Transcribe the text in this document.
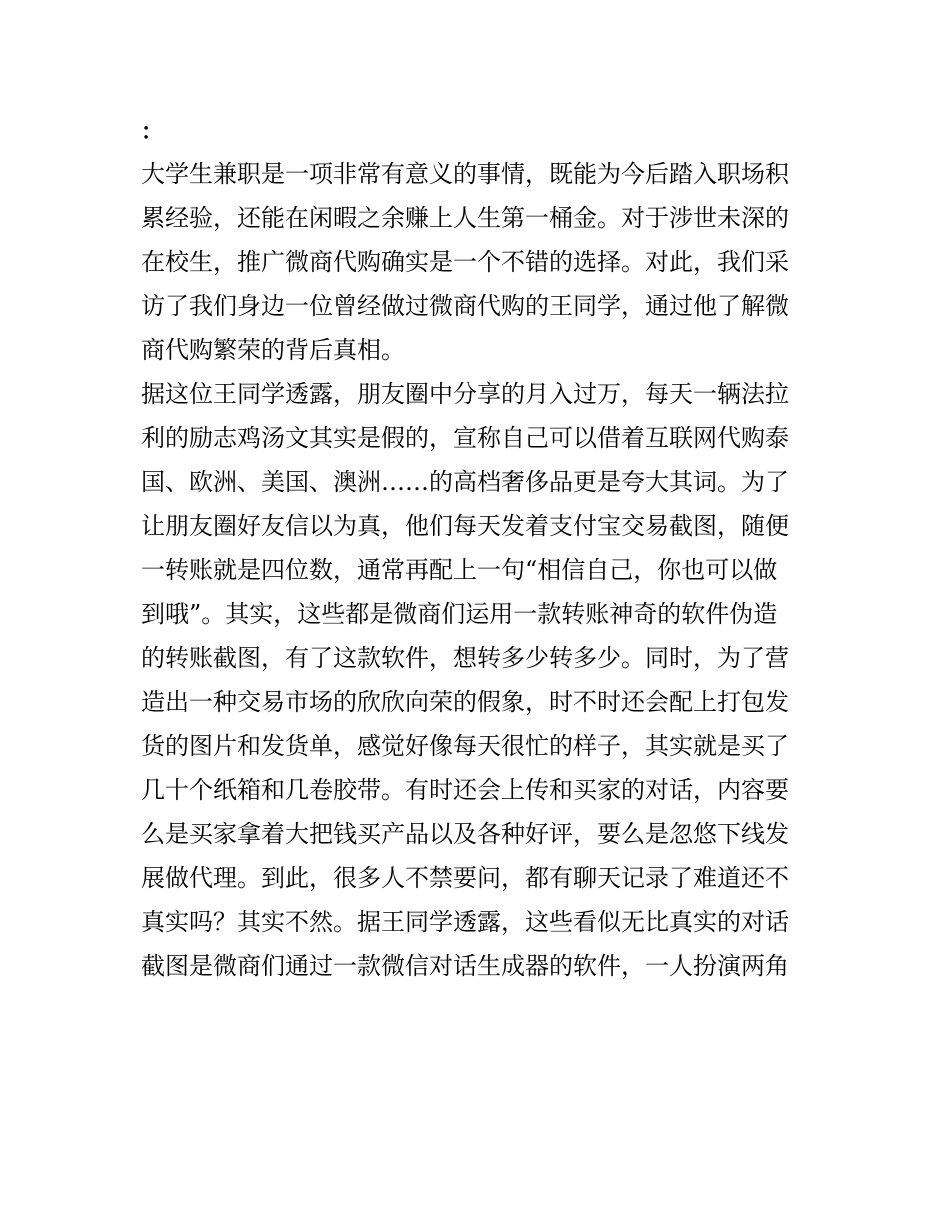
：
大学生兼职是一项非常有意义的事情，既能为今后踏入职场积
累经验，还能在闲暇之余赚上人生第一桶金。对于涉世未深的
在校生，推广微商代购确实是一个不错的选择。对此，我们采
访了我们身边一位曾经做过微商代购的王同学，通过他了解微
商代购繁荣的背后真相。
据这位王同学透露，朋友圈中分享的月入过万，每天一辆法拉
利的励志鸡汤文其实是假的，宣称自己可以借着互联网代购泰
国、欧洲、美国、澳洲……的高档奢侈品更是夸大其词。为了
让朋友圈好友信以为真，他们每天发着支付宝交易截图，随便
一转账就是四位数，通常再配上一句“相信自己，你也可以做
到哦”。其实，这些都是微商们运用一款转账神奇的软件伪造
的转账截图，有了这款软件，想转多少转多少。同时，为了营
造出一种交易市场的欣欣向荣的假象，时不时还会配上打包发
货的图片和发货单，感觉好像每天很忙的样子，其实就是买了
几十个纸箱和几卷胶带。有时还会上传和买家的对话，内容要
么是买家拿着大把钱买产品以及各种好评，要么是忽悠下线发
展做代理。到此，很多人不禁要问，都有聊天记录了难道还不
真实吗？其实不然。据王同学透露，这些看似无比真实的对话
截图是微商们通过一款微信对话生成器的软件，一人扮演两角
